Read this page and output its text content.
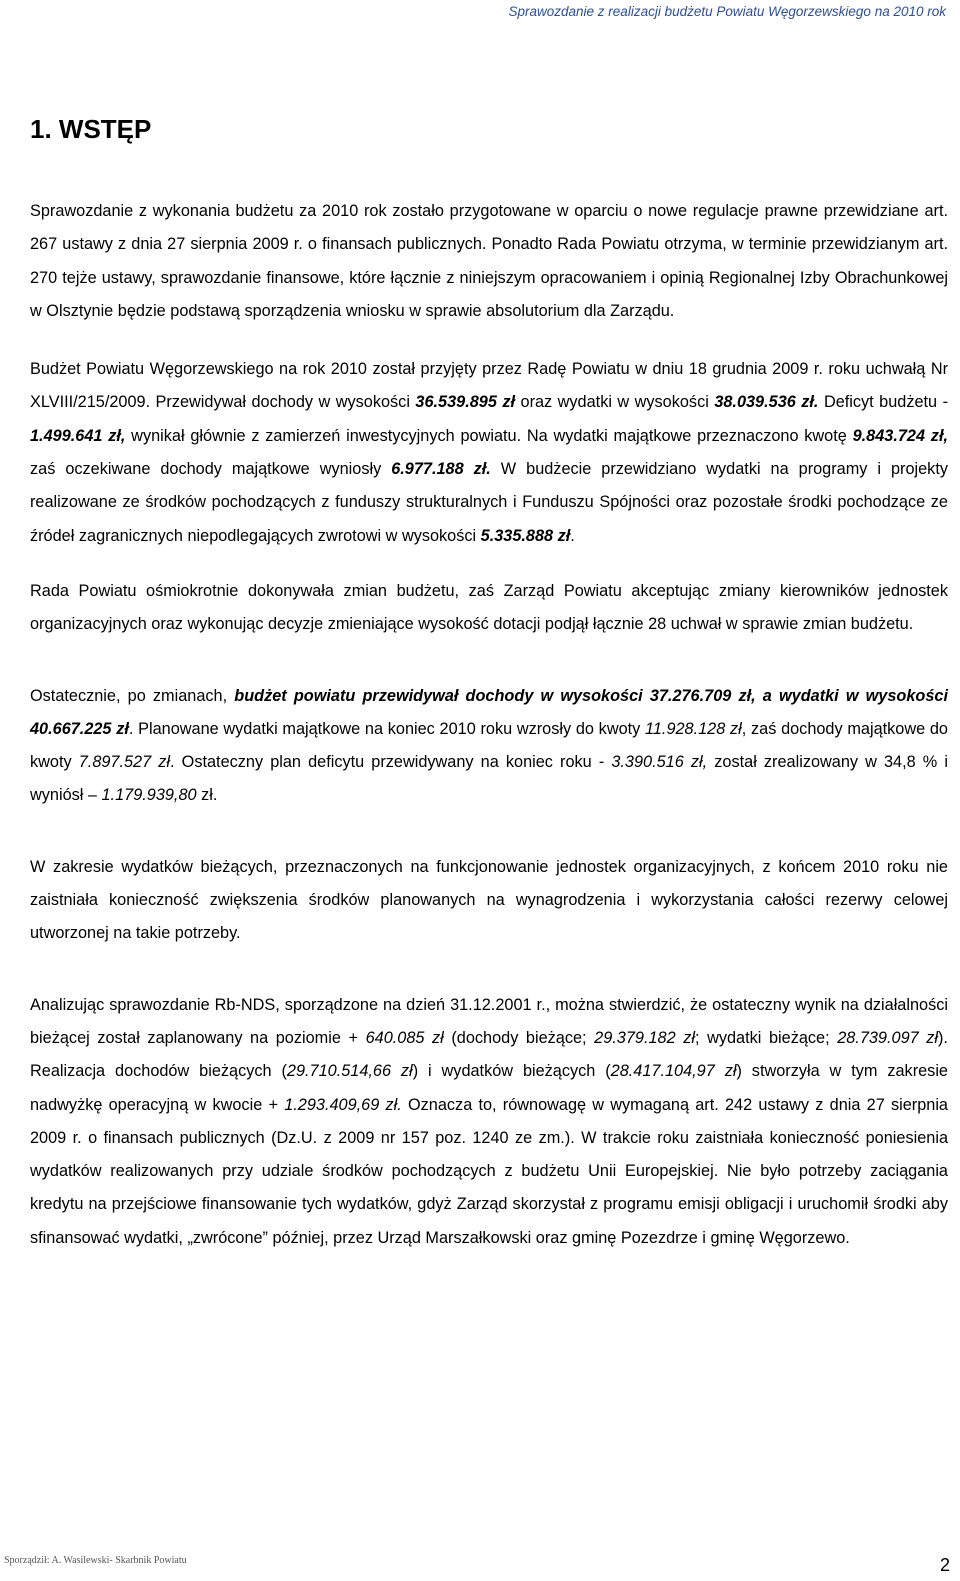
Sprawozdanie z realizacji budżetu Powiatu Węgorzewskiego na 2010 rok
1. WSTĘP

Sprawozdanie z wykonania budżetu za 2010 rok zostało przygotowane w oparciu o nowe regulacje prawne przewidziane art. 267 ustawy z dnia 27 sierpnia 2009 r. o finansach publicznych. Ponadto Rada Powiatu otrzyma, w terminie przewidzianym art. 270 tejże ustawy, sprawozdanie finansowe, które łącznie z niniejszym opracowaniem i opinią Regionalnej Izby Obrachunkowej w Olsztynie będzie podstawą sporządzenia wniosku w sprawie absolutorium dla Zarządu.

Budżet Powiatu Węgorzewskiego na rok 2010 został przyjęty przez Radę Powiatu w dniu 18 grudnia 2009 r. roku uchwałą Nr XLVIII/215/2009. Przewidywał dochody w wysokości 36.539.895 zł oraz wydatki w wysokości 38.039.536 zł. Deficyt budżetu - 1.499.641 zł, wynikał głównie z zamierzeń inwestycyjnych powiatu. Na wydatki majątkowe przeznaczono kwotę 9.843.724 zł, zaś oczekiwane dochody majątkowe wyniosły 6.977.188 zł. W budżecie przewidziano wydatki na programy i projekty realizowane ze środków pochodzących z funduszy strukturalnych i Funduszu Spójności oraz pozostałe środki pochodzące ze źródeł zagranicznych niepodlegających zwrotowi w wysokości 5.335.888 zł.

Rada Powiatu ośmiokrotnie dokonywała zmian budżetu, zaś Zarząd Powiatu akceptując zmiany kierowników jednostek organizacyjnych oraz wykonując decyzje zmieniające wysokość dotacji podjął łącznie 28 uchwał w sprawie zmian budżetu.

Ostatecznie, po zmianach, budżet powiatu przewidywał dochody w wysokości 37.276.709 zł, a wydatki w wysokości 40.667.225 zł. Planowane wydatki majątkowe na koniec 2010 roku wzrosły do kwoty 11.928.128 zł, zaś dochody majątkowe do kwoty 7.897.527 zł. Ostateczny plan deficytu przewidywany na koniec roku - 3.390.516 zł, został zrealizowany w 34,8 % i wyniósł – 1.179.939,80 zł.

W zakresie wydatków bieżących, przeznaczonych na funkcjonowanie jednostek organizacyjnych, z końcem 2010 roku nie zaistniała konieczność zwiększenia środków planowanych na wynagrodzenia i wykorzystania całości rezerwy celowej utworzonej na takie potrzeby.

Analizując sprawozdanie Rb-NDS, sporządzone na dzień 31.12.2001 r., można stwierdzić, że ostateczny wynik na działalności bieżącej został zaplanowany na poziomie + 640.085 zł (dochody bieżące; 29.379.182 zł; wydatki bieżące; 28.739.097 zł). Realizacja dochodów bieżących (29.710.514,66 zł) i wydatków bieżących (28.417.104,97 zł) stworzyła w tym zakresie nadwyżkę operacyjną w kwocie + 1.293.409,69 zł. Oznacza to, równowagę w wymaganą art. 242 ustawy z dnia 27 sierpnia 2009 r. o finansach publicznych (Dz.U. z 2009 nr 157 poz. 1240 ze zm.). W trakcie roku zaistniała konieczność poniesienia wydatków realizowanych przy udziale środków pochodzących z budżetu Unii Europejskiej. Nie było potrzeby zaciągania kredytu na przejściowe finansowanie tych wydatków, gdyż Zarząd skorzystał z programu emisji obligacji i uruchomił środki aby sfinansować wydatki, „zwrócone” później, przez Urząd Marszałkowski oraz gminę Pozezdrze i gminę Węgorzewo.

Sporządził: A. Wasilewski- Skarbnik Powiatu	2
